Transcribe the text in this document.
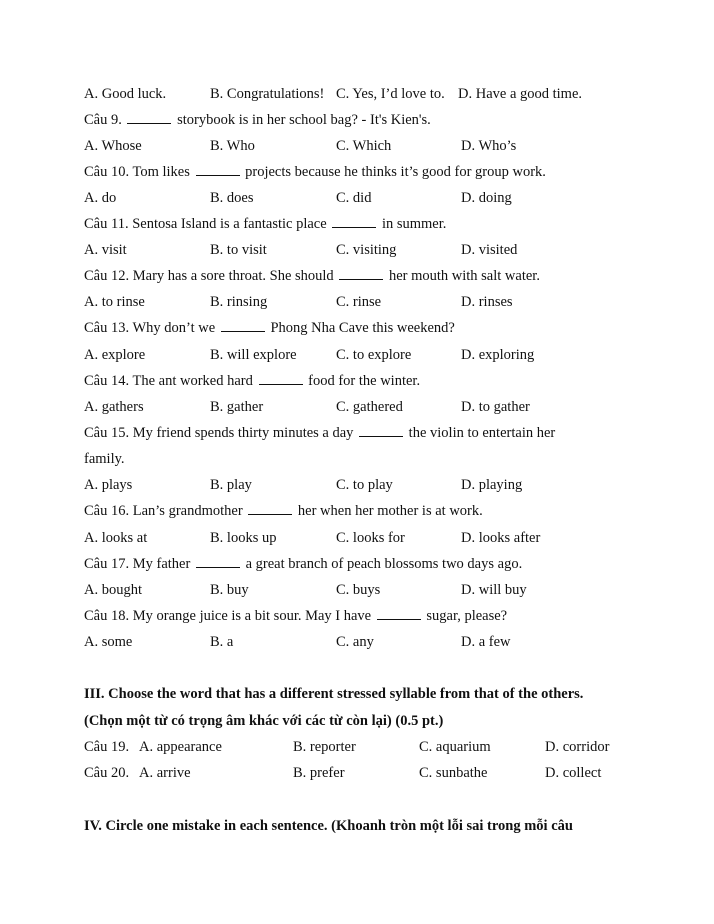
A. Good luck.	B. Congratulations! C. Yes, I’d love to. D. Have a good time.
Câu 9.	storybook is in her school bag? - It's Kien's.
A. Whose	B. Who	C. Which	D. Who’s
Câu 10. Tom likes	projects because he thinks it’s good for group work.
A. do	B. does	C. did	D. doing
Câu 11. Sentosa Island is a fantastic place	in summer.
A. visit	B. to visit	C. visiting	D. visited
Câu 12. Mary has a sore throat. She should	her mouth with salt water.
A. to rinse	B. rinsing	C. rinse	D. rinses
Câu 13. Why don’t we	Phong Nha Cave this weekend?
A. explore	B. will explore	C. to explore	D. exploring
Câu 14. The ant worked hard	food for the winter.
A. gathers	B. gather	C. gathered	D. to gather
Câu 15. My friend spends thirty minutes a day	the violin to entertain her
family.
A. plays	B. play	C. to play	D. playing
Câu 16. Lan’s grandmother	her when her mother is at work.
A. looks at	B. looks up	C. looks for	D. looks after
Câu 17. My father	a great branch of peach blossoms two days ago.
A. bought	B. buy	C. buys	D. will buy
Câu 18. My orange juice is a bit sour. May I have	sugar, please?
A. some	B. a	C. any	D. a few
III. Choose the word that has a different stressed syllable from that of the others.
(Chọn một từ có trọng âm khác với các từ còn lại) (0.5 pt.)
Câu 19. A. appearance	B. reporter	C. aquarium	D. corridor
Câu 20. A. arrive	B. prefer	C. sunbathe	D. collect
IV. Circle one mistake in each sentence. (Khoanh tròn một lỗi sai trong mỗi câu
